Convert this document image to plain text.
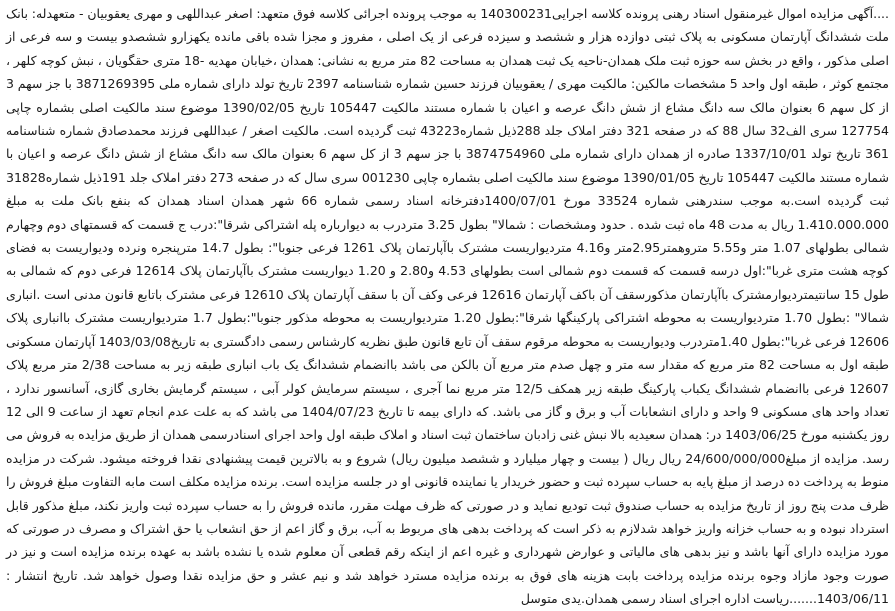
....آگهی مزایده اموال غیرمنقول اسناد رهنی پرونده کلاسه اجرایی140300231 به موجب پرونده اجرائی کلاسه فوق متعهد: اصغر عبداللهی و مهری یعقوبیان - متعهدله: بانک ملت ششدانگ آپارتمان مسکونی به پلاک ثبتی دوازده هزار و ششصد و سیزده فرعی از یک اصلی ، مفروز و مجزا شده باقی مانده یکهزارو ششصدو بیست و سه فرعی از اصلی مذکور ، واقع در بخش سه حوزه ثبت ملک همدان-ناحیه یک ثبت همدان به مساحت 82 متر مربع به نشانی: همدان ،خیابان مهدیه -18 متری حقگویان ، نبش کوچه کلهر ، مجتمع کوثر ، طبقه اول واحد 5 مشخصات مالکین: مالکیت مهری / یعقوبیان فرزند حسین شماره شناسنامه 2397 تاریخ تولد دارای شماره ملی 3871269395 با جز سهم 3 از کل سهم 6 بعنوان مالک سه دانگ مشاع از شش دانگ عرصه و اعیان با شماره مستند مالکیت 105447 تاریخ 1390/02/05 موضوع سند مالکیت اصلی بشماره چاپی 127754 سری الف32 سال 88 که در صفحه 321 دفتر املاک جلد 288ذیل شماره43223 ثبت گردیده است. مالکیت اصغر / عبداللهی فرزند محمدصادق شماره شناسنامه 361 تاریخ تولد 1337/10/01 صادره از همدان دارای شماره ملی 3874754960 با جز سهم 3 از کل سهم 6 بعنوان مالک سه دانگ مشاع از شش دانگ عرصه و اعیان با شماره مستند مالکیت 105447 تاریخ 1390/01/05 موضوع سند مالکیت اصلی بشماره چاپی 001230 سری سال که در صفحه 273 دفتر املاک جلد 191ذیل شماره31828 ثبت گردیده است.به موجب سندرهنی شماره 33524 مورخ 1400/07/01دفترخانه اسناد رسمی شماره 66 شهر همدان اسناد همدان که بنفع بانک ملت به مبلغ 1.410.000.000 ریال به مدت 48 ماه ثبت شده . حدود ومشخصات : شمالا" بطول 3.25 متردرب به دیوارباره پله اشتراکی شرقا":درب ج قسمت که قسمتهای دوم وچهارم شمالی بطولهای 1.07 متر و5.55 متروهمتر2.95متر و4.16 متردیواریست مشترک باآپارتمان پلاک 1261 فرعی جنوبا": بطول 14.7 مترپنجره ونرده ودیواریست به فضای کوچه هشت متری غربا":اول درسه قسمت که قسمت دوم شمالی است بطولهای 4.53 و2.80 و 1.20 دیواریست مشترک باآپارتمان پلاک 12614 فرعی دوم که شمالی به طول 15 سانتیمتردیوارمشترک باآپارتمان مذکورسقف آن باکف آپارتمان 12616 فرعی وکف آن با سقف آپارتمان پلاک 12610 فرعی مشترک باتابع قانون مدنی است .انباری شمالا" :بطول 1.70 متردیواریست به محوطه اشتراکی پارکینگها شرقا":بطول 1.20 متردیواریست به محوطه مذکور جنوبا":بطول 1.7 متردیواریست مشترک باانباری پلاک 12606 فرعی غربا":بطول 1.40متردرب ودیواریست به محوطه مرقوم سقف آن تابع قانون طبق نظریه کارشناس رسمی دادگستری به تاریخ1403/03/08 آپارتمان مسکونی طبقه اول به مساحت 82 متر مربع که مقدار سه متر و چهل صدم متر مربع آن بالکن می باشد باانضمام ششدانگ یک باب انباری طبقه زیر به مساحت 2/38 متر مربع پلاک 12607 فرعی باانضمام ششدانگ یکباب پارکینگ طبقه زیر همکف 12/5 متر مربع نما آجری ، سیستم سرمایش کولر آبی ، سیستم گرمایش بخاری گازی، آسانسور ندارد ، تعداد واحد های مسکونی 9 واحد و دارای انشعابات آب و برق و گاز می باشد. که دارای بیمه تا تاریخ 1404/07/23 می باشد که به علت عدم انجام تعهد از ساعت 9 الی 12 روز یکشنبه مورخ 1403/06/25 در: همدان سعیدیه بالا نبش غنی زادبان ساختمان ثبت اسناد و املاک طبقه اول واحد اجرای اسنادرسمی همدان از طریق مزایده به فروش می رسد. مزایده از مبلغ24/600/000/000 ریال ریال ( بیست و چهار میلیارد و ششصد میلیون ریال) شروع و به بالاترین قیمت پیشنهادی نقدا فروخته میشود. شرکت در مزایده منوط به پرداخت ده درصد از مبلغ پایه به حساب سپرده ثبت و حضور خریدار یا نماینده قانونی او در جلسه مزایده است. برنده مزایده مکلف است مابه التفاوت مبلغ فروش را ظرف مدت پنج روز از تاریخ مزایده به حساب صندوق ثبت تودیع نماید و در صورتی که ظرف مهلت مقرر، مانده فروش را به حساب سپرده ثبت واریز نکند، مبلغ مذکور قابل استرداد نبوده و به حساب خزانه واریز خواهد شدلازم به ذکر است که پرداخت بدهی های مربوط به آب، برق و گاز اعم از حق انشعاب یا حق اشتراک و مصرف در صورتی که مورد مزایده دارای آنها باشد و نیز بدهی های مالیاتی و عوارض شهرداری و غیره اعم از اینکه رقم قطعی آن معلوم شده یا نشده باشد به عهده برنده مزایده است و نیز در صورت وجود مازاد وجوه برنده مزایده پرداخت بابت هزینه های فوق به برنده مزایده مسترد خواهد شد و نیم عشر و حق مزایده نقدا وصول خواهد شد. تاریخ انتشار : 1403/06/11.......ریاست اداره اجرای اسناد رسمی همدان.یدی متوسل
